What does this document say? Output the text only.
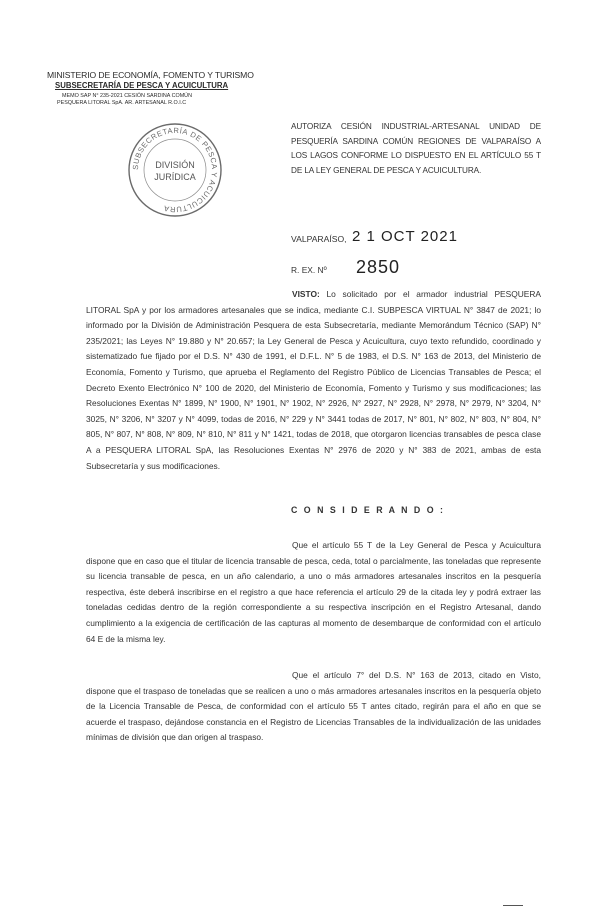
MINISTERIO DE ECONOMÍA, FOMENTO Y TURISMO
SUBSECRETARÍA DE PESCA Y ACUICULTURA
MEMO SAP N° 235-2021 CESIÓN SARDINA COMÚN
PESQUERA LITORAL SpA. AR. ARTESANAL R.O.I.C
SUBSECRETARÍA DE PESCA Y ACUICULTURA
DIVISIÓN
JURÍDICA
AUTORIZA CESIÓN INDUSTRIAL-ARTESANAL UNIDAD DE PESQUERÍA SARDINA COMÚN REGIONES DE VALPARAÍSO A LOS LAGOS CONFORME LO DISPUESTO EN EL ARTÍCULO 55 T DE LA LEY GENERAL DE PESCA Y ACUICULTURA.
VALPARAÍSO, 2 1 OCT 2021
R. EX. Nº 2850
VISTO: Lo solicitado por el armador industrial PESQUERA LITORAL SpA y por los armadores artesanales que se indica, mediante C.I. SUBPESCA VIRTUAL N° 3847 de 2021; lo informado por la División de Administración Pesquera de esta Subsecretaría, mediante Memorándum Técnico (SAP) N° 235/2021; las Leyes N° 19.880 y N° 20.657; la Ley General de Pesca y Acuicultura, cuyo texto refundido, coordinado y sistematizado fue fijado por el D.S. N° 430 de 1991, el D.F.L. N° 5 de 1983, el D.S. N° 163 de 2013, del Ministerio de Economía, Fomento y Turismo, que aprueba el Reglamento del Registro Público de Licencias Transables de Pesca; el Decreto Exento Electrónico N° 100 de 2020, del Ministerio de Economía, Fomento y Turismo y sus modificaciones; las Resoluciones Exentas N° 1899, N° 1900, N° 1901, N° 1902, N° 2926, N° 2927, N° 2928, N° 2978, N° 2979, N° 3204, N° 3025, N° 3206, N° 3207 y N° 4099, todas de 2016, N° 229 y N° 3441 todas de 2017, N° 801, N° 802, N° 803, N° 804, N° 805, N° 807, N° 808, N° 809, N° 810, N° 811 y N° 1421, todas de 2018, que otorgaron licencias transables de pesca clase A a PESQUERA LITORAL SpA, las Resoluciones Exentas N° 2976 de 2020 y N° 383 de 2021, ambas de esta Subsecretaría y sus modificaciones.
C O N S I D E R A N D O :
Que el artículo 55 T de la Ley General de Pesca y Acuicultura dispone que en caso que el titular de licencia transable de pesca, ceda, total o parcialmente, las toneladas que represente su licencia transable de pesca, en un año calendario, a uno o más armadores artesanales inscritos en la pesquería respectiva, éste deberá inscribirse en el registro a que hace referencia el artículo 29 de la citada ley y podrá extraer las toneladas cedidas dentro de la región correspondiente a su respectiva inscripción en el Registro Artesanal, dando cumplimiento a la exigencia de certificación de las capturas al momento de desembarque de conformidad con el artículo 64 E de la misma ley.
Que el artículo 7° del D.S. N° 163 de 2013, citado en Visto, dispone que el traspaso de toneladas que se realicen a uno o más armadores artesanales inscritos en la pesquería objeto de la Licencia Transable de Pesca, de conformidad con el artículo 55 T antes citado, regirán para el año en que se acuerde el traspaso, dejándose constancia en el Registro de Licencias Transables de la individualización de las unidades mínimas de división que dan origen al traspaso.
